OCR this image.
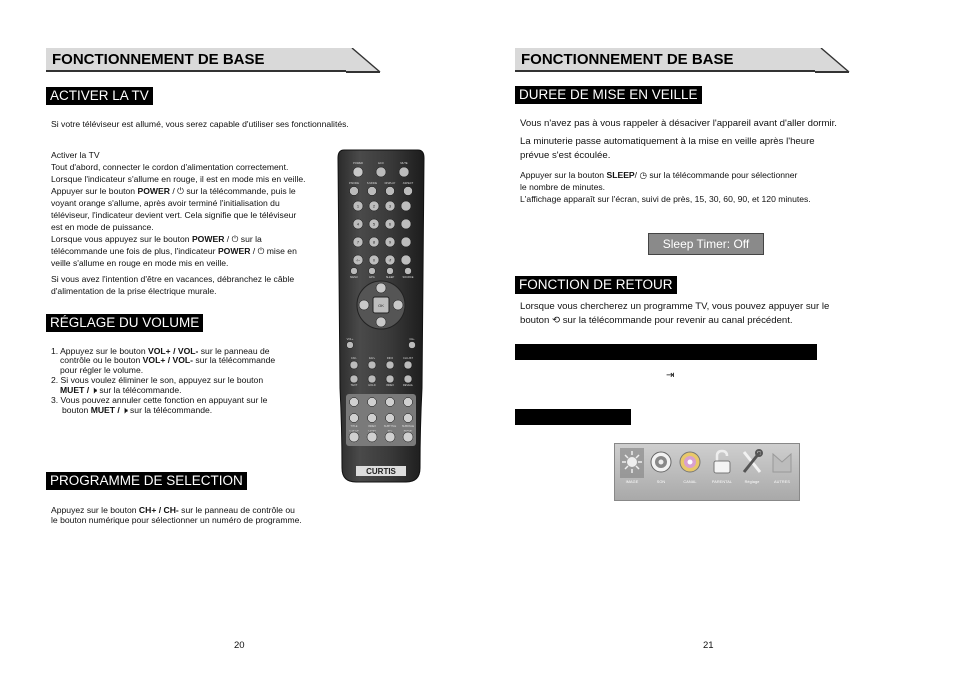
FONCTIONNEMENT DE BASE
ACTIVER LA TV
Si votre téléviseur est allumé, vous serez capable d'utiliser ses fonctionnalités.
Activer la TV
Tout d'abord, connecter le cordon d'alimentation correctement.
Lorsque l'indicateur s'allume en rouge, il est en mode mis en veille.
Appuyer sur le bouton POWER / ⏻ sur la télécommande, puis le
voyant orange s'allume, après avoir terminé l'initialisation du
téléviseur, l'indicateur devient vert. Cela signifie que le téléviseur
est en mode de puissance.
Lorsque vous appuyez sur le bouton POWER / ⏻ sur la
télécommande une fois de plus, l'indicateur POWER / ⏻ mise en
veille s'allume en rouge en mode mis en veille.
Si vous avez l'intention d'être en vacances, débranchez le câble
d'alimentation de la prise électrique murale.
RÉGLAGE DU VOLUME
1. Appuyez sur le bouton VOL+ / VOL- sur le panneau de
contrôle ou le bouton VOL+ / VOL- sur la télécommande
pour régler le volume.
2. Si vous voulez éliminer le son, appuyez sur le bouton
MUET / 🕨 sur la télécommande.
3. Vous pouvez annuler cette fonction en appuyant sur le
bouton MUET / 🕨 sur la télécommande.
PROGRAMME DE SELECTION
Appuyez sur le bouton CH+ / CH- sur le panneau de contrôle ou
le bouton numérique pour sélectionner un numéro de programme.
20
POWER	ECO	MUTE
P.MODE	S.MODE	DISPLAY	ASPECT
1	2	3
4	5	6
7	8	9
-/--	0	↺
MENU	EPG	SLEEP	SOURCE
OK
VOL+	CH+
FAV-	FAV+	INFO	CH.LIST
TEXT	HOLD	INDEX	REVEAL
TITLE	INDEX	SUBTITLE SUBPAGE
D.SETUP	T-SHIFT	REC	REPEAT
CURTIS
FONCTIONNEMENT DE BASE
DUREE DE MISE EN VEILLE
Vous n'avez pas à vous rappeler à désaciver l'appareil avant d'aller dormir.
La minuterie passe automatiquement à la mise en veille après l'heure
prévue s'est écoulée.
Appuyer sur la bouton SLEEP/ ◷ sur la télécommande pour sélectionner
le nombre de minutes.
L'affichage apparaît sur l'écran, suivi de près, 15, 30, 60, 90, et 120 minutes.
Sleep Timer: Off
FONCTION DE RETOUR
Lorsque vous chercherez un programme TV, vous pouvez appuyer sur le
bouton ⟲ sur la télécommande pour revenir au canal précédent.
⇥
IMAGE	SON	CANAL	PARENTAL	Réglage	AUTRES
21
